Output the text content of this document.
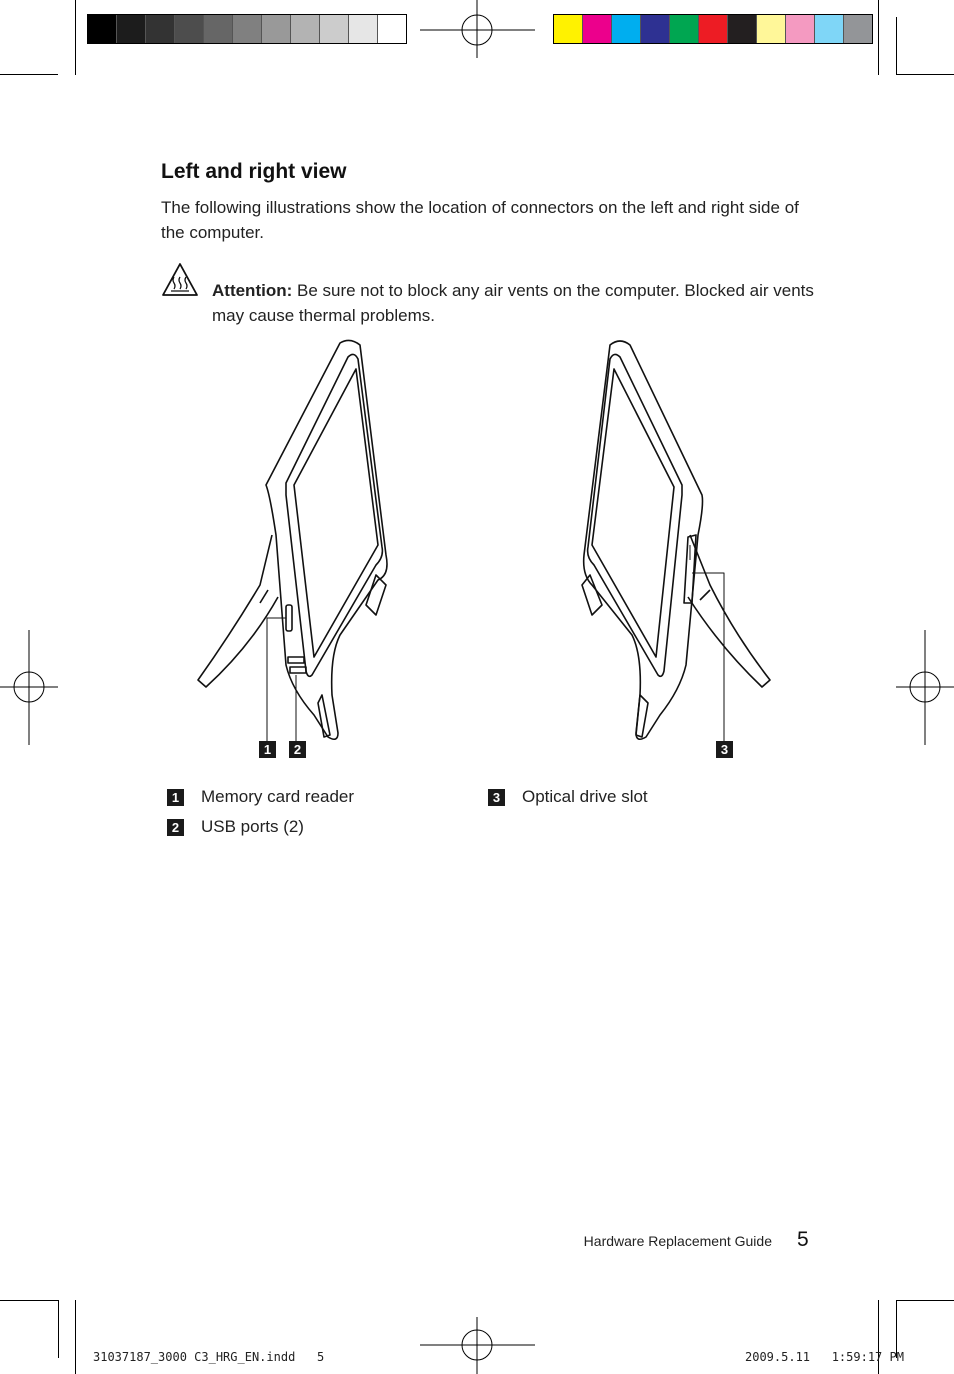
Left and right view
The following illustrations show the location of connectors on the left and right side of the computer.
Attention: Be sure not to block any air vents on the computer. Blocked air vents may cause thermal problems.
1	2	3
1 Memory card reader
2 USB ports (2)
3 Optical drive slot
Hardware Replacement Guide 5
31037187_3000 C3_HRG_EN.indd   5	2009.5.11   1:59:17 PM
